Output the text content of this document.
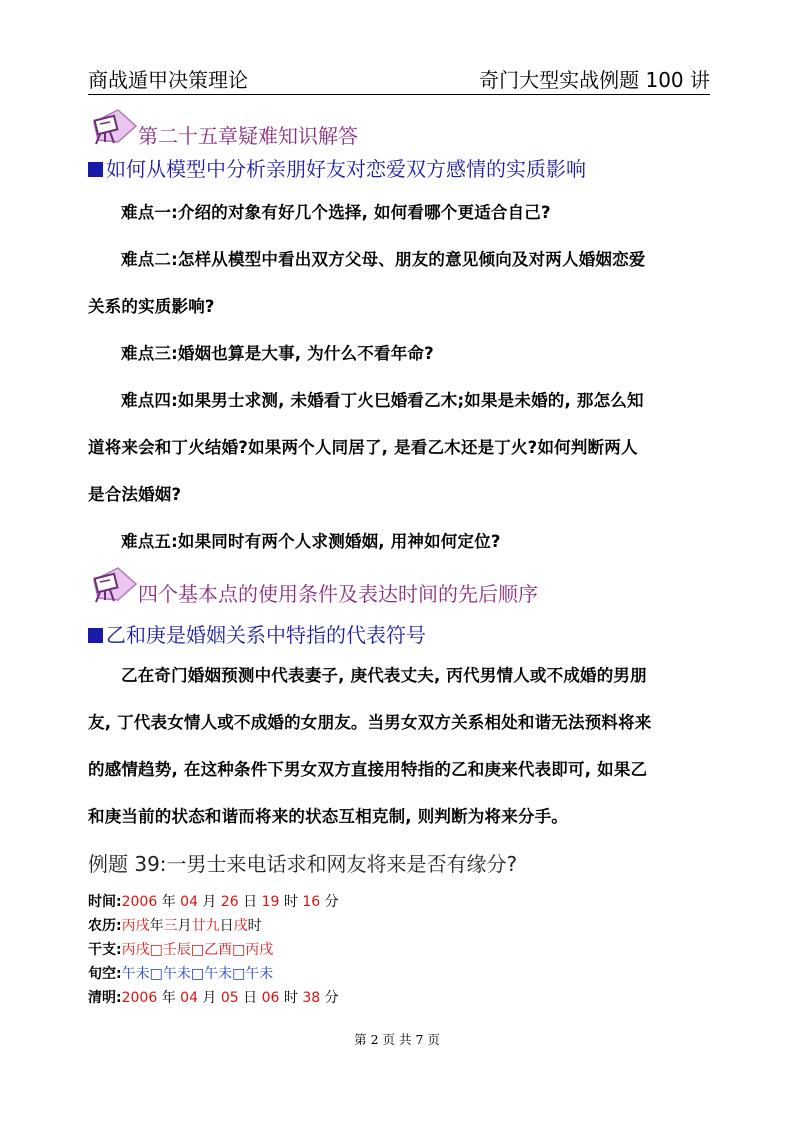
商战遁甲决策理论	奇门大型实战例题 100 讲
第二十五章疑难知识解答
如何从模型中分析亲朋好友对恋爱双方感情的实质影响
难点一:介绍的对象有好几个选择, 如何看哪个更适合自己?
难点二:怎样从模型中看出双方父母、朋友的意见倾向及对两人婚姻恋爱
关系的实质影响?
难点三:婚姻也算是大事, 为什么不看年命?
难点四:如果男士求测, 未婚看丁火巳婚看乙木;如果是未婚的, 那怎么知
道将来会和丁火结婚?如果两个人同居了, 是看乙木还是丁火?如何判断两人
是合法婚姻?
难点五:如果同时有两个人求测婚姻, 用神如何定位?
四个基本点的使用条件及表达时间的先后顺序
乙和庚是婚姻关系中特指的代表符号
乙在奇门婚姻预测中代表妻子, 庚代表丈夫, 丙代男情人或不成婚的男朋
友, 丁代表女情人或不成婚的女朋友。当男女双方关系相处和谐无法预料将来
的感情趋势, 在这种条件下男女双方直接用特指的乙和庚来代表即可, 如果乙
和庚当前的状态和谐而将来的状态互相克制, 则判断为将来分手。
例题 39:一男士来电话求和网友将来是否有缘分?
时间:2006 年 04 月 26 日 19 时 16 分
农历:丙戌年三月廿九日戌时
干支:丙戌□壬辰□乙酉□丙戌
旬空:午未□午未□午未□午未
清明:2006 年 04 月 05 日 06 时 38 分
第 2 页 共 7 页
